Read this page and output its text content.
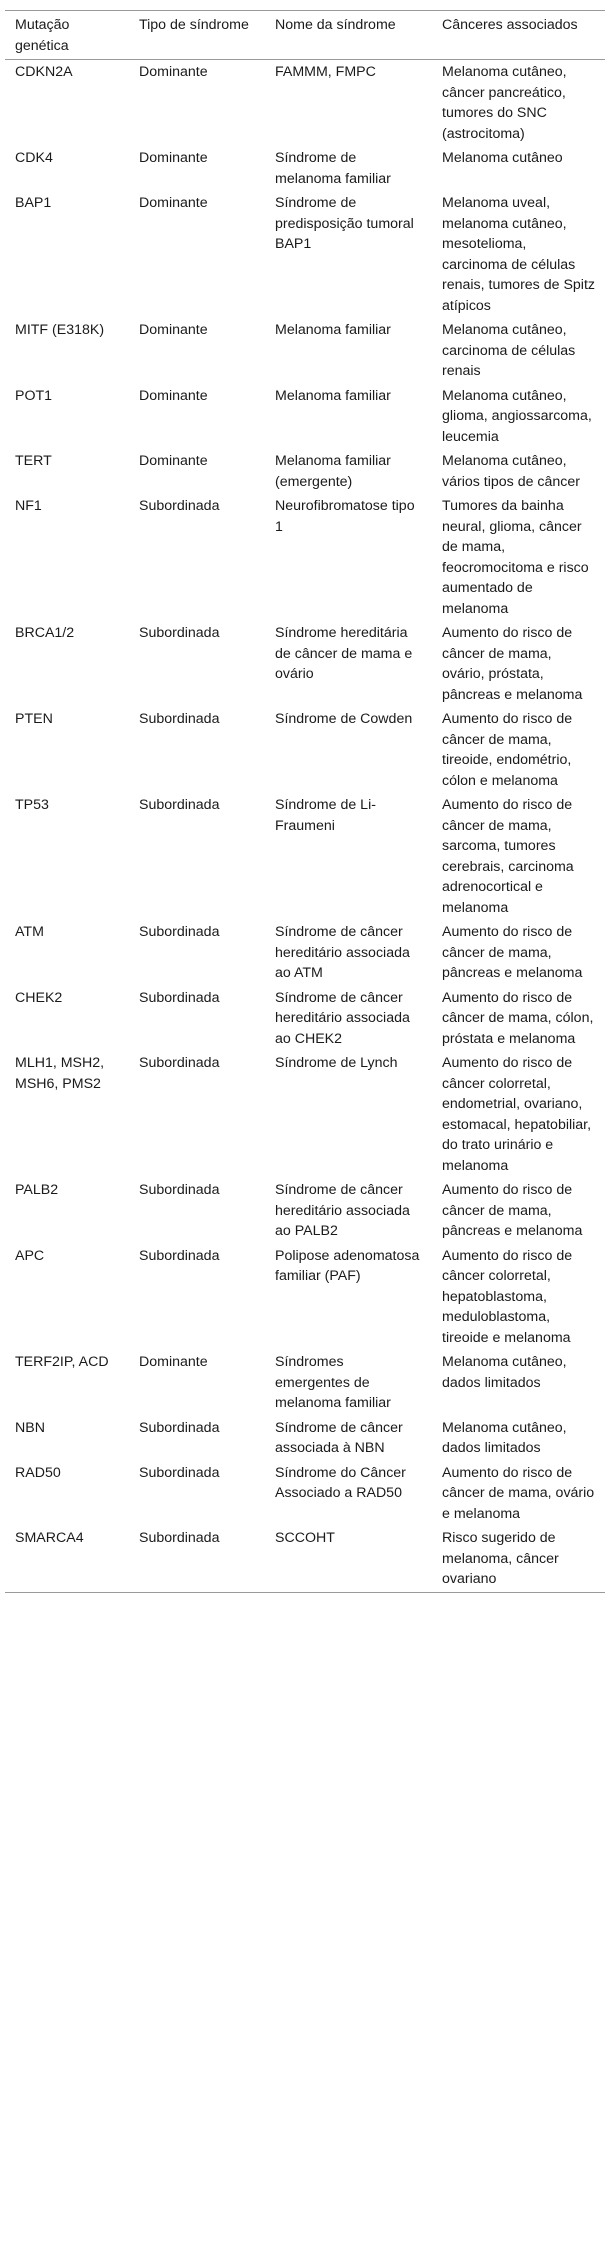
Mutação genética	Tipo de síndrome	Nome da síndrome	Cânceres associados
CDKN2A	Dominante	FAMMM, FMPC	Melanoma cutâneo, câncer pancreático, tumores do SNC (astrocitoma)
CDK4	Dominante	Síndrome de melanoma familiar	Melanoma cutâneo
BAP1	Dominante	Síndrome de predisposição tumoral BAP1	Melanoma uveal, melanoma cutâneo, mesotelioma, carcinoma de células renais, tumores de Spitz atípicos
MITF (E318K)	Dominante	Melanoma familiar	Melanoma cutâneo, carcinoma de células renais
POT1	Dominante	Melanoma familiar	Melanoma cutâneo, glioma, angiossarcoma, leucemia
TERT	Dominante	Melanoma familiar (emergente)	Melanoma cutâneo, vários tipos de câncer
NF1	Subordinada	Neurofibromatose tipo 1	Tumores da bainha neural, glioma, câncer de mama, feocromocitoma e risco aumentado de melanoma
BRCA1/2	Subordinada	Síndrome hereditária de câncer de mama e ovário	Aumento do risco de câncer de mama, ovário, próstata, pâncreas e melanoma
PTEN	Subordinada	Síndrome de Cowden	Aumento do risco de câncer de mama, tireoide, endométrio, cólon e melanoma
TP53	Subordinada	Síndrome de Li-Fraumeni	Aumento do risco de câncer de mama, sarcoma, tumores cerebrais, carcinoma adrenocortical e melanoma
ATM	Subordinada	Síndrome de câncer hereditário associada ao ATM	Aumento do risco de câncer de mama, pâncreas e melanoma
CHEK2	Subordinada	Síndrome de câncer hereditário associada ao CHEK2	Aumento do risco de câncer de mama, cólon, próstata e melanoma
MLH1, MSH2, MSH6, PMS2	Subordinada	Síndrome de Lynch	Aumento do risco de câncer colorretal, endometrial, ovariano, estomacal, hepatobiliar, do trato urinário e melanoma
PALB2	Subordinada	Síndrome de câncer hereditário associada ao PALB2	Aumento do risco de câncer de mama, pâncreas e melanoma
APC	Subordinada	Polipose adenomatosa familiar (PAF)	Aumento do risco de câncer colorretal, hepatoblastoma, meduloblastoma, tireoide e melanoma
TERF2IP, ACD	Dominante	Síndromes emergentes de melanoma familiar	Melanoma cutâneo, dados limitados
NBN	Subordinada	Síndrome de câncer associada à NBN	Melanoma cutâneo, dados limitados
RAD50	Subordinada	Síndrome do Câncer Associado a RAD50	Aumento do risco de câncer de mama, ovário e melanoma
SMARCA4	Subordinada	SCCOHT	Risco sugerido de melanoma, câncer ovariano
